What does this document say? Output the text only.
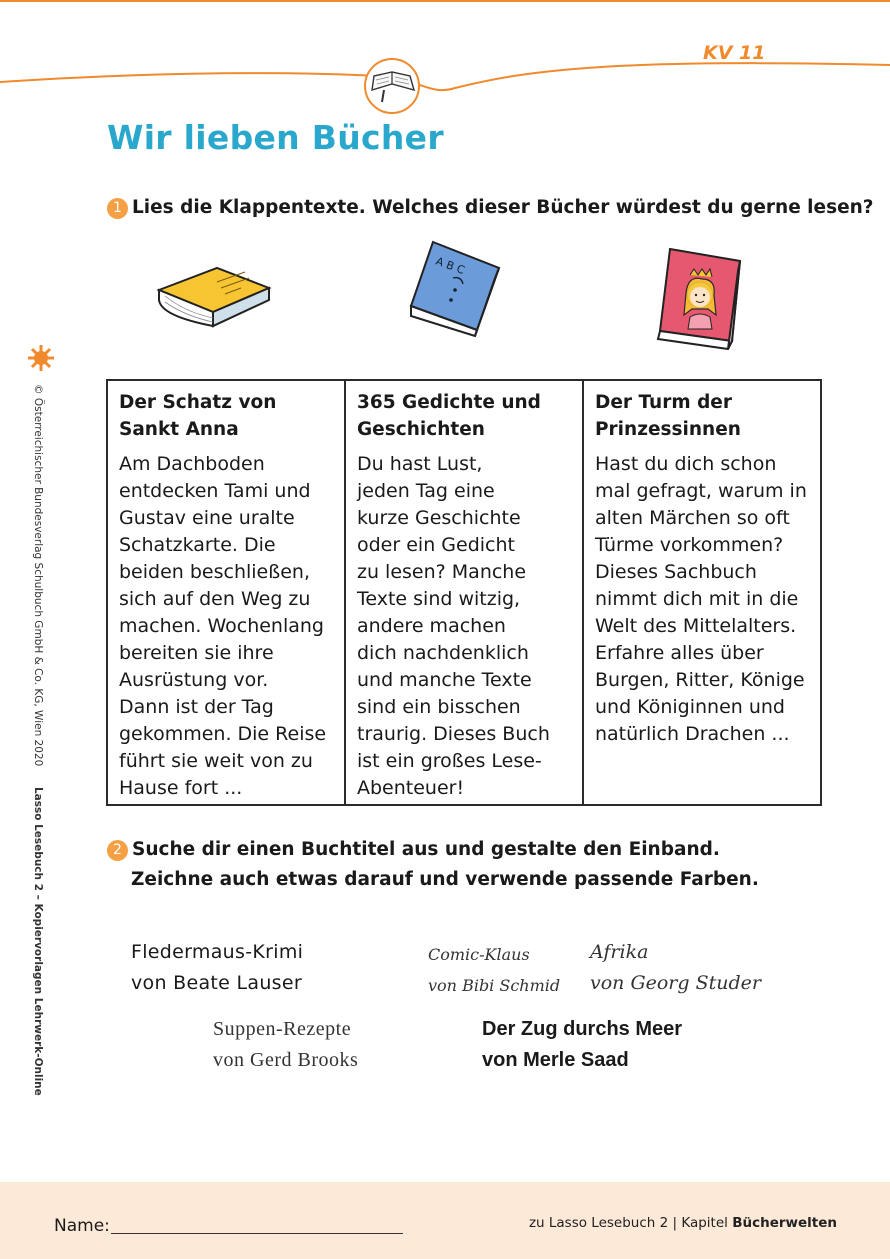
KV 11
Wir lieben Bücher
1 Lies die Klappentexte. Welches dieser Bücher würdest du gerne lesen?
A B C
© Österreichischer Bundesverlag Schulbuch GmbH & Co. KG, Wien 2020  Lasso Lesebuch 2 – Kopiervorlagen Lehrwerk-Online
Der Schatz von
Sankt Anna
Am Dachboden
entdecken Tami und
Gustav eine uralte
Schatzkarte. Die
beiden beschließen,
sich auf den Weg zu
machen. Wochenlang
bereiten sie ihre
Ausrüstung vor.
Dann ist der Tag
gekommen. Die Reise
führt sie weit von zu
Hause fort ...

365 Gedichte und
Geschichten
Du hast Lust,
jeden Tag eine
kurze Geschichte
oder ein Gedicht
zu lesen? Manche
Texte sind witzig,
andere machen
dich nachdenklich
und manche Texte
sind ein bisschen
traurig. Dieses Buch
ist ein großes Lese-
Abenteuer!

Der Turm der
Prinzessinnen
Hast du dich schon
mal gefragt, warum in
alten Märchen so oft
Türme vorkommen?
Dieses Sachbuch
nimmt dich mit in die
Welt des Mittelalters.
Erfahre alles über
Burgen, Ritter, Könige
und Königinnen und
natürlich Drachen ...
2 Suche dir einen Buchtitel aus und gestalte den Einband.
Zeichne auch etwas darauf und verwende passende Farben.
Fledermaus-Krimi
von Beate Lauser
Comic-Klaus
von Bibi Schmid
Afrika
von Georg Studer
Suppen-Rezepte
von Gerd Brooks
Der Zug durchs Meer
von Merle Saad
Name:	zu Lasso Lesebuch 2 | Kapitel Bücherwelten
